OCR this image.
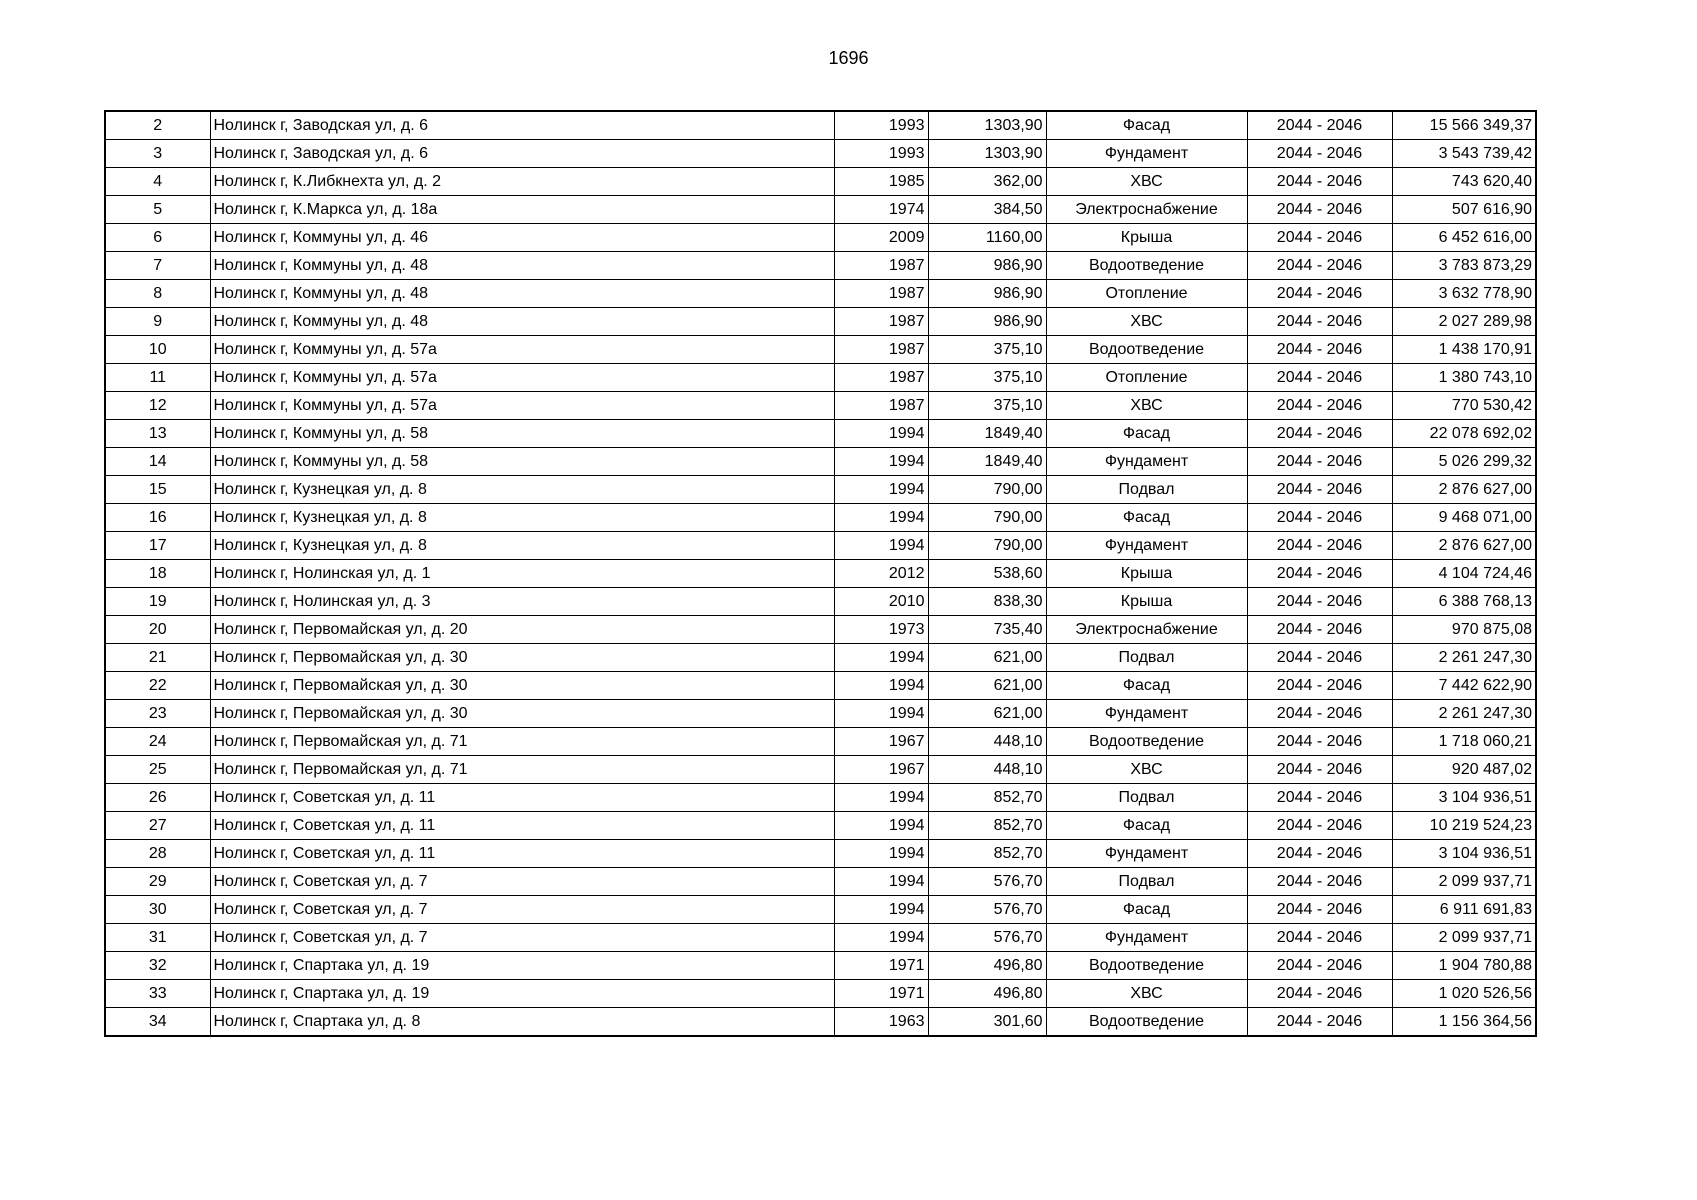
1696
2	Нолинск г, Заводская ул, д. 6	1993	1303,90	Фасад	2044 - 2046	15 566 349,37
3	Нолинск г, Заводская ул, д. 6	1993	1303,90	Фундамент	2044 - 2046	3 543 739,42
4	Нолинск г, К.Либкнехта ул, д. 2	1985	362,00	ХВС	2044 - 2046	743 620,40
5	Нолинск г, К.Маркса ул, д. 18а	1974	384,50	Электроснабжение	2044 - 2046	507 616,90
6	Нолинск г, Коммуны ул, д. 46	2009	1160,00	Крыша	2044 - 2046	6 452 616,00
7	Нолинск г, Коммуны ул, д. 48	1987	986,90	Водоотведение	2044 - 2046	3 783 873,29
8	Нолинск г, Коммуны ул, д. 48	1987	986,90	Отопление	2044 - 2046	3 632 778,90
9	Нолинск г, Коммуны ул, д. 48	1987	986,90	ХВС	2044 - 2046	2 027 289,98
10	Нолинск г, Коммуны ул, д. 57а	1987	375,10	Водоотведение	2044 - 2046	1 438 170,91
11	Нолинск г, Коммуны ул, д. 57а	1987	375,10	Отопление	2044 - 2046	1 380 743,10
12	Нолинск г, Коммуны ул, д. 57а	1987	375,10	ХВС	2044 - 2046	770 530,42
13	Нолинск г, Коммуны ул, д. 58	1994	1849,40	Фасад	2044 - 2046	22 078 692,02
14	Нолинск г, Коммуны ул, д. 58	1994	1849,40	Фундамент	2044 - 2046	5 026 299,32
15	Нолинск г, Кузнецкая ул, д. 8	1994	790,00	Подвал	2044 - 2046	2 876 627,00
16	Нолинск г, Кузнецкая ул, д. 8	1994	790,00	Фасад	2044 - 2046	9 468 071,00
17	Нолинск г, Кузнецкая ул, д. 8	1994	790,00	Фундамент	2044 - 2046	2 876 627,00
18	Нолинск г, Нолинская ул, д. 1	2012	538,60	Крыша	2044 - 2046	4 104 724,46
19	Нолинск г, Нолинская ул, д. 3	2010	838,30	Крыша	2044 - 2046	6 388 768,13
20	Нолинск г, Первомайская ул, д. 20	1973	735,40	Электроснабжение	2044 - 2046	970 875,08
21	Нолинск г, Первомайская ул, д. 30	1994	621,00	Подвал	2044 - 2046	2 261 247,30
22	Нолинск г, Первомайская ул, д. 30	1994	621,00	Фасад	2044 - 2046	7 442 622,90
23	Нолинск г, Первомайская ул, д. 30	1994	621,00	Фундамент	2044 - 2046	2 261 247,30
24	Нолинск г, Первомайская ул, д. 71	1967	448,10	Водоотведение	2044 - 2046	1 718 060,21
25	Нолинск г, Первомайская ул, д. 71	1967	448,10	ХВС	2044 - 2046	920 487,02
26	Нолинск г, Советская ул, д. 11	1994	852,70	Подвал	2044 - 2046	3 104 936,51
27	Нолинск г, Советская ул, д. 11	1994	852,70	Фасад	2044 - 2046	10 219 524,23
28	Нолинск г, Советская ул, д. 11	1994	852,70	Фундамент	2044 - 2046	3 104 936,51
29	Нолинск г, Советская ул, д. 7	1994	576,70	Подвал	2044 - 2046	2 099 937,71
30	Нолинск г, Советская ул, д. 7	1994	576,70	Фасад	2044 - 2046	6 911 691,83
31	Нолинск г, Советская ул, д. 7	1994	576,70	Фундамент	2044 - 2046	2 099 937,71
32	Нолинск г, Спартака ул, д. 19	1971	496,80	Водоотведение	2044 - 2046	1 904 780,88
33	Нолинск г, Спартака ул, д. 19	1971	496,80	ХВС	2044 - 2046	1 020 526,56
34	Нолинск г, Спартака ул, д. 8	1963	301,60	Водоотведение	2044 - 2046	1 156 364,56
